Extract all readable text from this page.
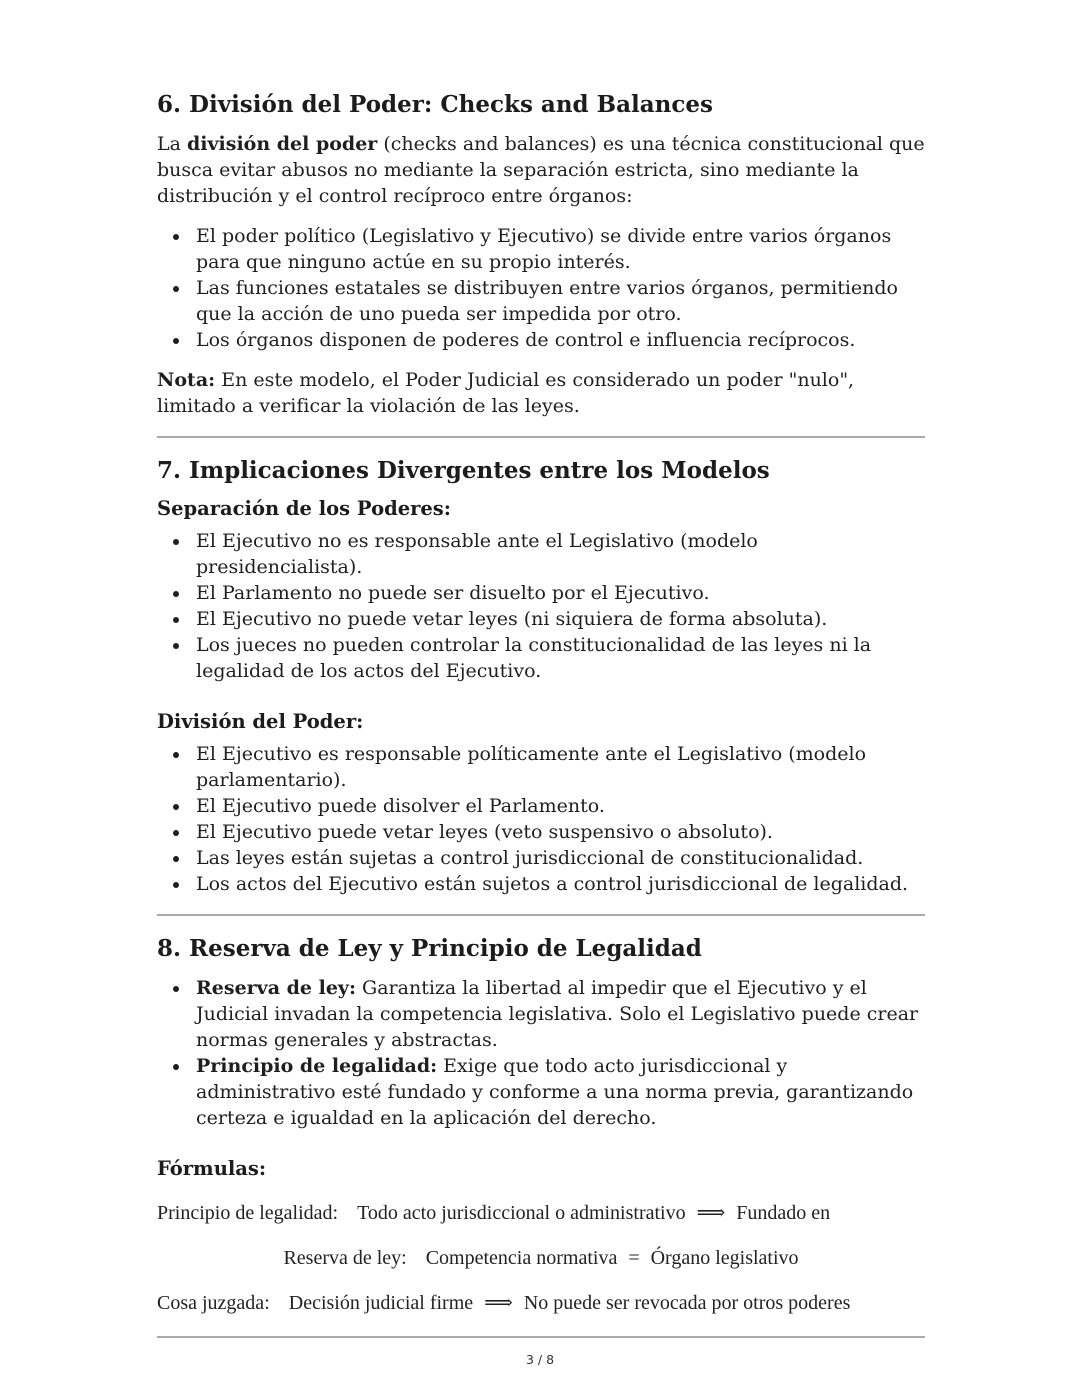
6. División del Poder: Checks and Balances

La división del poder (checks and balances) es una técnica constitucional que busca evitar abusos no mediante la separación estricta, sino mediante la distribución y el control recíproco entre órganos:

• El poder político (Legislativo y Ejecutivo) se divide entre varios órganos para que ninguno actúe en su propio interés.
• Las funciones estatales se distribuyen entre varios órganos, permitiendo que la acción de uno pueda ser impedida por otro.
• Los órganos disponen de poderes de control e influencia recíprocos.

Nota: En este modelo, el Poder Judicial es considerado un poder "nulo", limitado a verificar la violación de las leyes.

7. Implicaciones Divergentes entre los Modelos
Separación de los Poderes:
• El Ejecutivo no es responsable ante el Legislativo (modelo presidencialista).
• El Parlamento no puede ser disuelto por el Ejecutivo.
• El Ejecutivo no puede vetar leyes (ni siquiera de forma absoluta).
• Los jueces no pueden controlar la constitucionalidad de las leyes ni la legalidad de los actos del Ejecutivo.
División del Poder:
• El Ejecutivo es responsable políticamente ante el Legislativo (modelo parlamentario).
• El Ejecutivo puede disolver el Parlamento.
• El Ejecutivo puede vetar leyes (veto suspensivo o absoluto).
• Las leyes están sujetas a control jurisdiccional de constitucionalidad.
• Los actos del Ejecutivo están sujetos a control jurisdiccional de legalidad.
8. Reserva de Ley y Principio de Legalidad
• Reserva de ley: Garantiza la libertad al impedir que el Ejecutivo y el Judicial invadan la competencia legislativa. Solo el Legislativo puede crear normas generales y abstractas.
• Principio de legalidad: Exige que todo acto jurisdiccional y administrativo esté fundado y conforme a una norma previa, garantizando certeza e igualdad en la aplicación del derecho.
Fórmulas:
Principio de legalidad: Todo acto jurisdiccional o administrativo ⟹ Fundado en
Reserva de ley: Competencia normativa = Órgano legislativo
Cosa juzgada: Decisión judicial firme ⟹ No puede ser revocada por otros poderes
3 / 8
